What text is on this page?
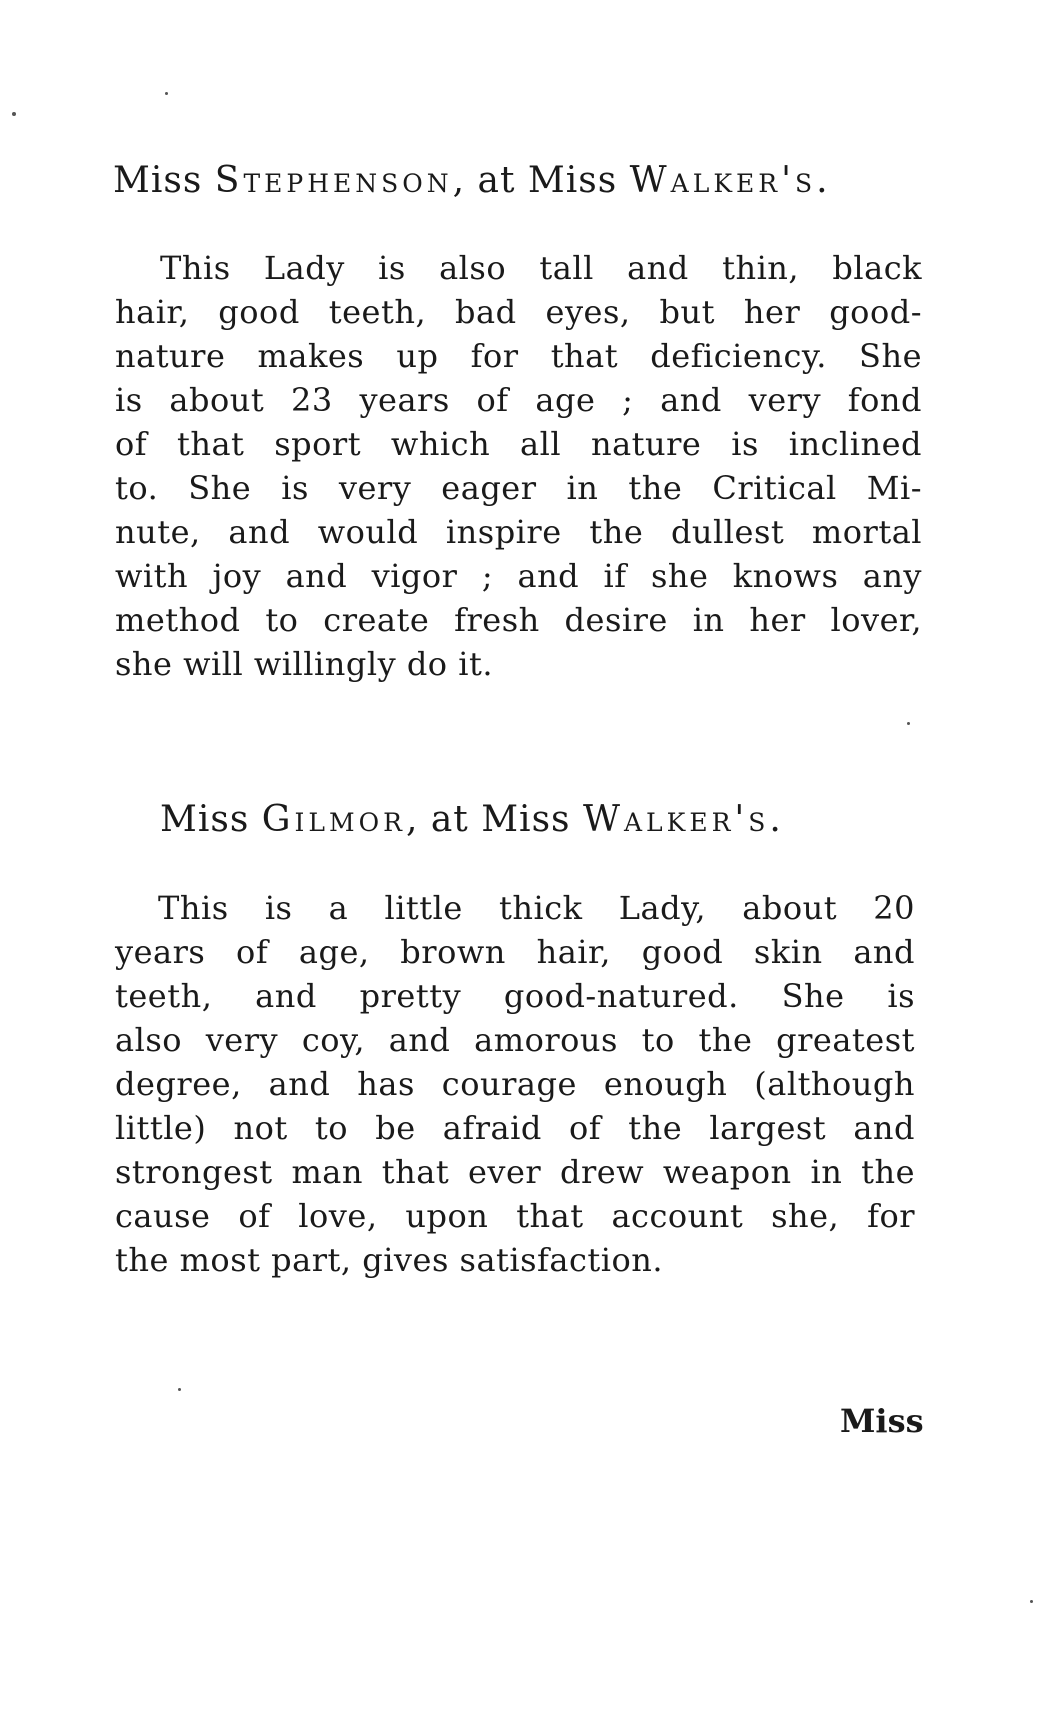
Miss Stephenson, at Miss Walker's.
This Lady is also tall and thin, black
hair, good teeth, bad eyes, but her good-
nature makes up for that deficiency. She
is about 23 years of age ; and very fond
of that sport which all nature is inclined
to. She is very eager in the Critical Mi-
nute, and would inspire the dullest mortal
with joy and vigor ; and if she knows any
method to create fresh desire in her lover,
she will willingly do it.
Miss Gilmor, at Miss Walker's.
This is a little thick Lady, about 20
years of age, brown hair, good skin and
teeth, and pretty good-natured. She is
also very coy, and amorous to the greatest
degree, and has courage enough (although
little) not to be afraid of the largest and
strongest man that ever drew weapon in the
cause of love, upon that account she, for
the most part, gives satisfaction.
Miss
